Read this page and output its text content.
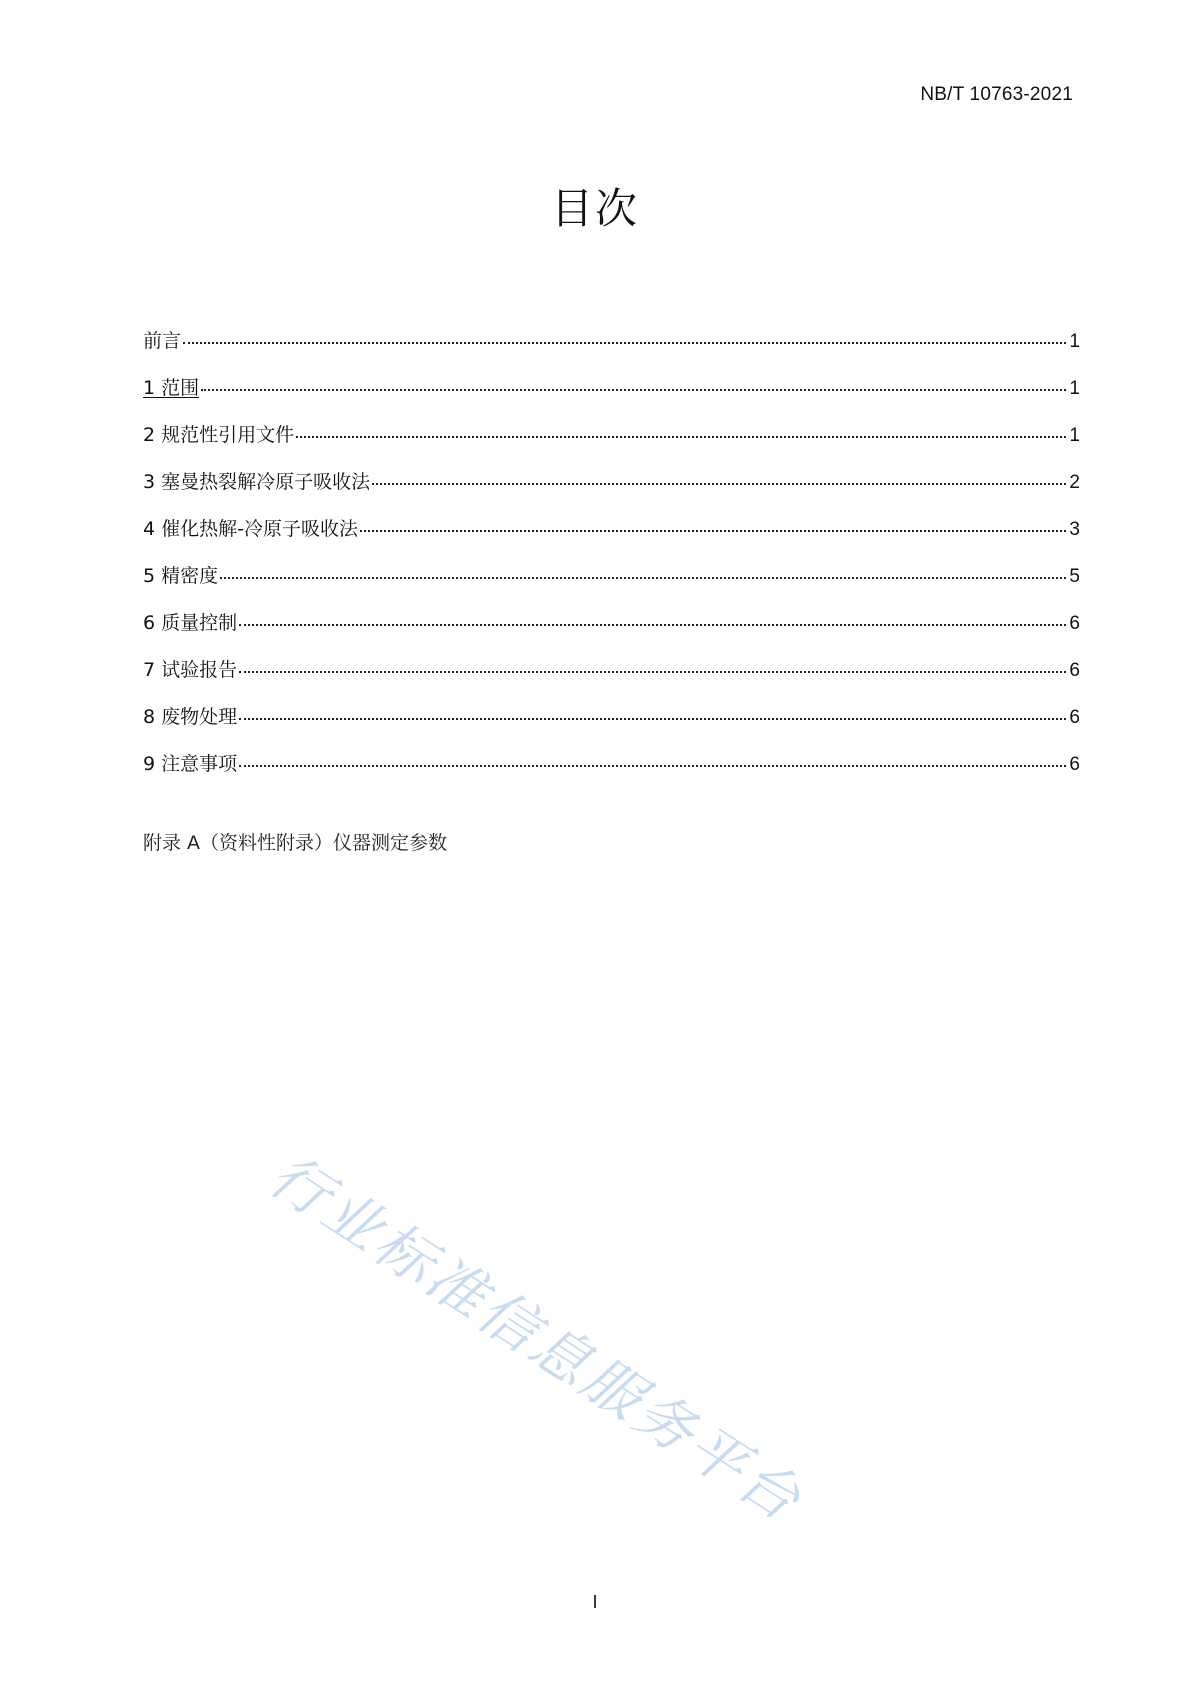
NB/T 10763-2021
目次
前言	1
1 范围	1
2 规范性引用文件	1
3 塞曼热裂解冷原子吸收法	2
4 催化热解-冷原子吸收法	3
5 精密度	5
6 质量控制	6
7 试验报告	6
8 废物处理	6
9 注意事项	6
附录 A（资料性附录）仪器测定参数
行业标准信息服务平台
I
